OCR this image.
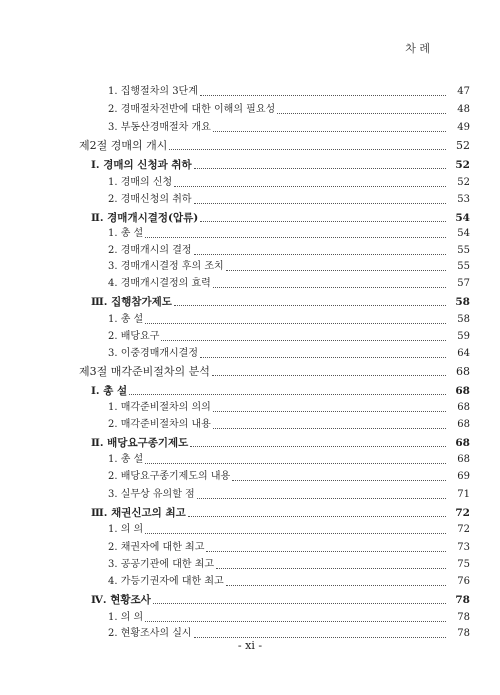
차 례
1. 집행절차의 3단계	47
2. 경매절차전반에 대한 이해의 필요성	48
3. 부동산경매절차 개요	49
제2절 경매의 개시	52
Ⅰ. 경매의 신청과 취하	52
1. 경매의 신청	52
2. 경매신청의 취하	53
Ⅱ. 경매개시결정(압류)	54
1. 총 설	54
2. 경매개시의 결정	55
3. 경매개시결정 후의 조치	55
4. 경매개시결정의 효력	57
Ⅲ. 집행참가제도	58
1. 총 설	58
2. 배당요구	59
3. 이중경매개시결정	64
제3절 매각준비절차의 분석	68
Ⅰ. 총 설	68
1. 매각준비절차의 의의	68
2. 매각준비절차의 내용	68
Ⅱ. 배당요구종기제도	68
1. 총 설	68
2. 배당요구종기제도의 내용	69
3. 실무상 유의할 점	71
Ⅲ. 채권신고의 최고	72
1. 의 의	72
2. 채권자에 대한 최고	73
3. 공공기관에 대한 최고	75
4. 가등기권자에 대한 최고	76
Ⅳ. 현황조사	78
1. 의 의	78
2. 현황조사의 실시	78
- xi -
